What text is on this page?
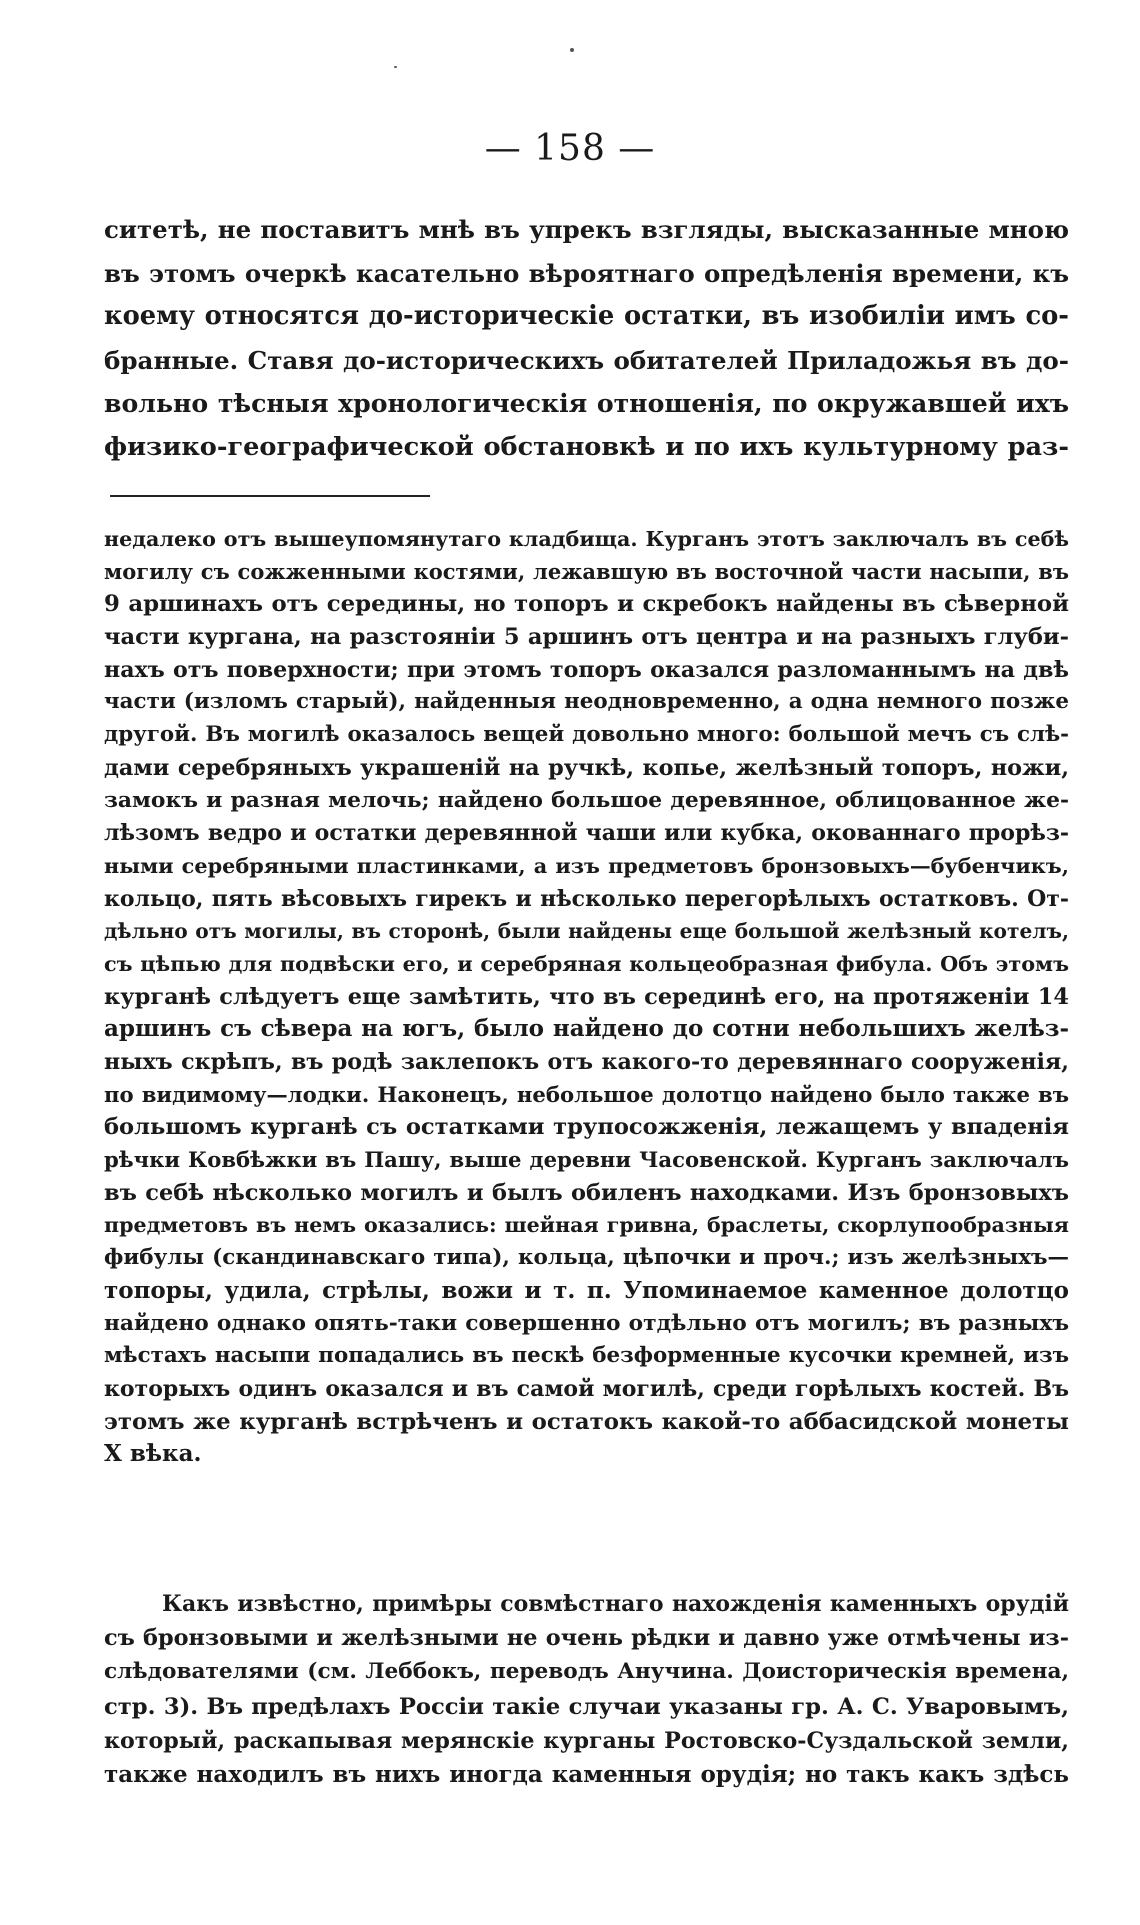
— 158 —
ситетѣ, не поставитъ мнѣ въ упрекъ взгляды, высказанные мною
въ этомъ очеркѣ касательно вѣроятнаго опредѣленія времени, къ
коему относятся до-историческіе остатки, въ изобиліи имъ со-
бранные. Ставя до-историческихъ обитателей Приладожья въ до-
вольно тѣсныя хронологическія отношенія, по окружавшей ихъ
физико-географической обстановкѣ и по ихъ культурному раз-
недалеко отъ вышеупомянутаго кладбища. Курганъ этотъ заключалъ въ себѣ
могилу съ сожженными костями, лежавшую въ восточной части насыпи, въ
9 аршинахъ отъ середины, но топоръ и скребокъ найдены въ сѣверной
части кургана, на разстояніи 5 аршинъ отъ центра и на разныхъ глуби-
нахъ отъ поверхности; при этомъ топоръ оказался разломаннымъ на двѣ
части (изломъ старый), найденныя неодновременно, а одна немного позже
другой. Въ могилѣ оказалось вещей довольно много: большой мечъ съ слѣ-
дами серебряныхъ украшеній на ручкѣ, копье, желѣзный топоръ, ножи,
замокъ и разная мелочь; найдено большое деревянное, облицованное же-
лѣзомъ ведро и остатки деревянной чаши или кубка, окованнаго прорѣз-
ными серебряными пластинками, а изъ предметовъ бронзовыхъ—бубенчикъ,
кольцо, пять вѣсовыхъ гирекъ и нѣсколько перегорѣлыхъ остатковъ. От-
дѣльно отъ могилы, въ сторонѣ, были найдены еще большой желѣзный котелъ,
съ цѣпью для подвѣски его, и серебряная кольцеобразная фибула. Объ этомъ
курганѣ слѣдуетъ еще замѣтить, что въ серединѣ его, на протяженіи 14
аршинъ съ сѣвера на югъ, было найдено до сотни небольшихъ желѣз-
ныхъ скрѣпъ, въ родѣ заклепокъ отъ какого-то деревяннаго сооруженія,
по видимому—лодки. Наконецъ, небольшое долотцо найдено было также въ
большомъ курганѣ съ остатками трупосожженія, лежащемъ у впаденія
рѣчки Ковбѣжки въ Пашу, выше деревни Часовенской. Курганъ заключалъ
въ себѣ нѣсколько могилъ и былъ обиленъ находками. Изъ бронзовыхъ
предметовъ въ немъ оказались: шейная гривна, браслеты, скорлупообразныя
фибулы (скандинавскаго типа), кольца, цѣпочки и проч.; изъ желѣзныхъ—
топоры, удила, стрѣлы, вожи и т. п. Упоминаемое каменное долотцо
найдено однако опять-таки совершенно отдѣльно отъ могилъ; въ разныхъ
мѣстахъ насыпи попадались въ пескѣ безформенные кусочки кремней, изъ
которыхъ одинъ оказался и въ самой могилѣ, среди горѣлыхъ костей. Въ
этомъ же курганѣ встрѣченъ и остатокъ какой-то аббасидской монеты
X вѣка.
Какъ извѣстно, примѣры совмѣстнаго нахожденія каменныхъ орудій
съ бронзовыми и желѣзными не очень рѣдки и давно уже отмѣчены из-
слѣдователями (см. Леббокъ, переводъ Анучина. Доисторическія времена,
стр. 3). Въ предѣлахъ Россіи такіе случаи указаны гр. А. С. Уваровымъ,
который, раскапывая мерянскіе курганы Ростовско-Суздальской земли,
также находилъ въ нихъ иногда каменныя орудія; но такъ какъ здѣсь
